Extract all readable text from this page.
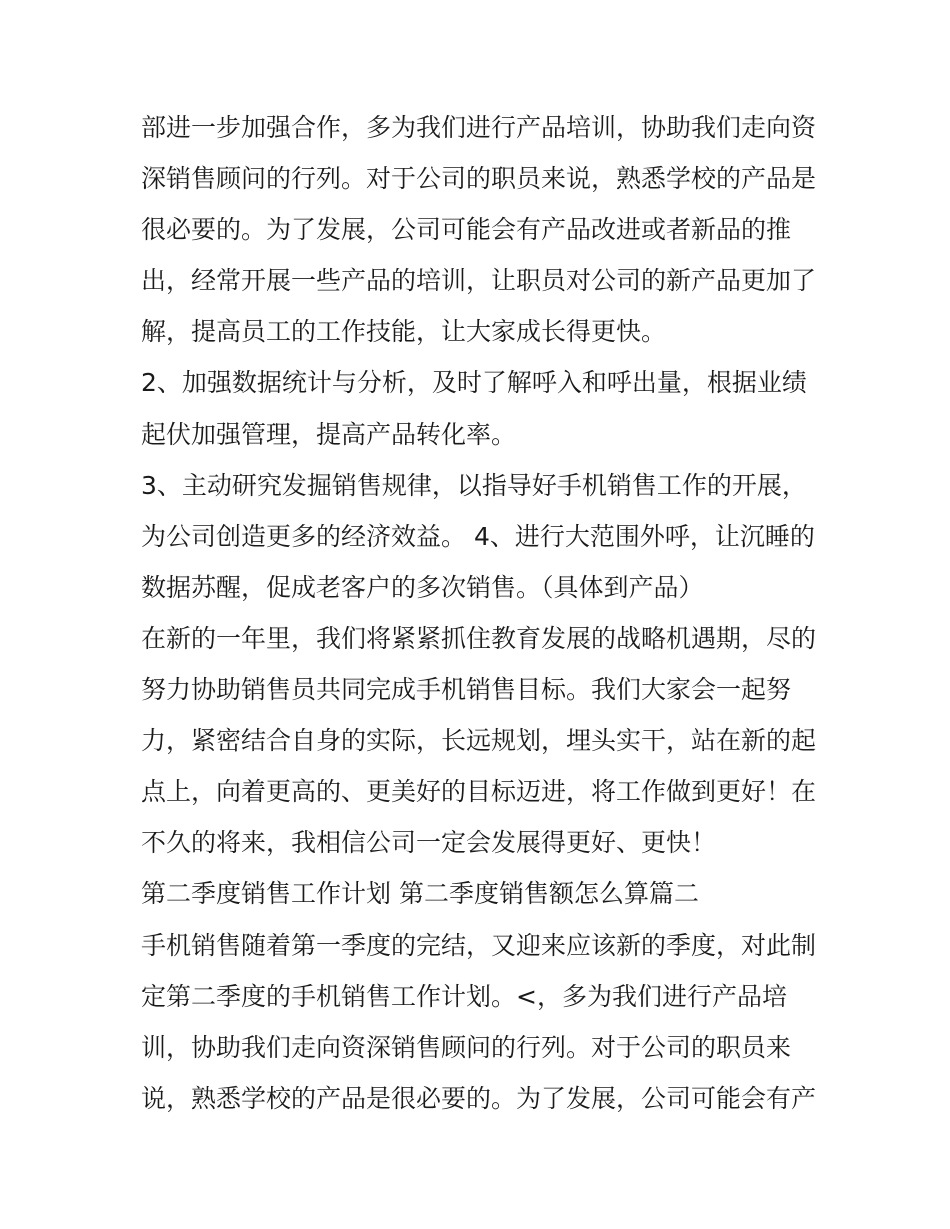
部进一步加强合作，多为我们进行产品培训，协助我们走向资

深销售顾问的行列。对于公司的职员来说，熟悉学校的产品是

很必要的。为了发展，公司可能会有产品改进或者新品的推

出，经常开展一些产品的培训，让职员对公司的新产品更加了

解，提高员工的工作技能，让大家成长得更快。

2、加强数据统计与分析，及时了解呼入和呼出量，根据业绩

起伏加强管理，提高产品转化率。

3、主动研究发掘销售规律，以指导好手机销售工作的开展，

为公司创造更多的经济效益。 4、进行大范围外呼，让沉睡的

数据苏醒，促成老客户的多次销售。（具体到产品）

在新的一年里，我们将紧紧抓住教育发展的战略机遇期，尽的

努力协助销售员共同完成手机销售目标。我们大家会一起努

力，紧密结合自身的实际，长远规划，埋头实干，站在新的起

点上，向着更高的、更美好的目标迈进，将工作做到更好！在

不久的将来，我相信公司一定会发展得更好、更快！

第二季度销售工作计划 第二季度销售额怎么算篇二

手机销售随着第一季度的完结，又迎来应该新的季度，对此制

定第二季度的手机销售工作计划。<，多为我们进行产品培

训，协助我们走向资深销售顾问的行列。对于公司的职员来

说，熟悉学校的产品是很必要的。为了发展，公司可能会有产
